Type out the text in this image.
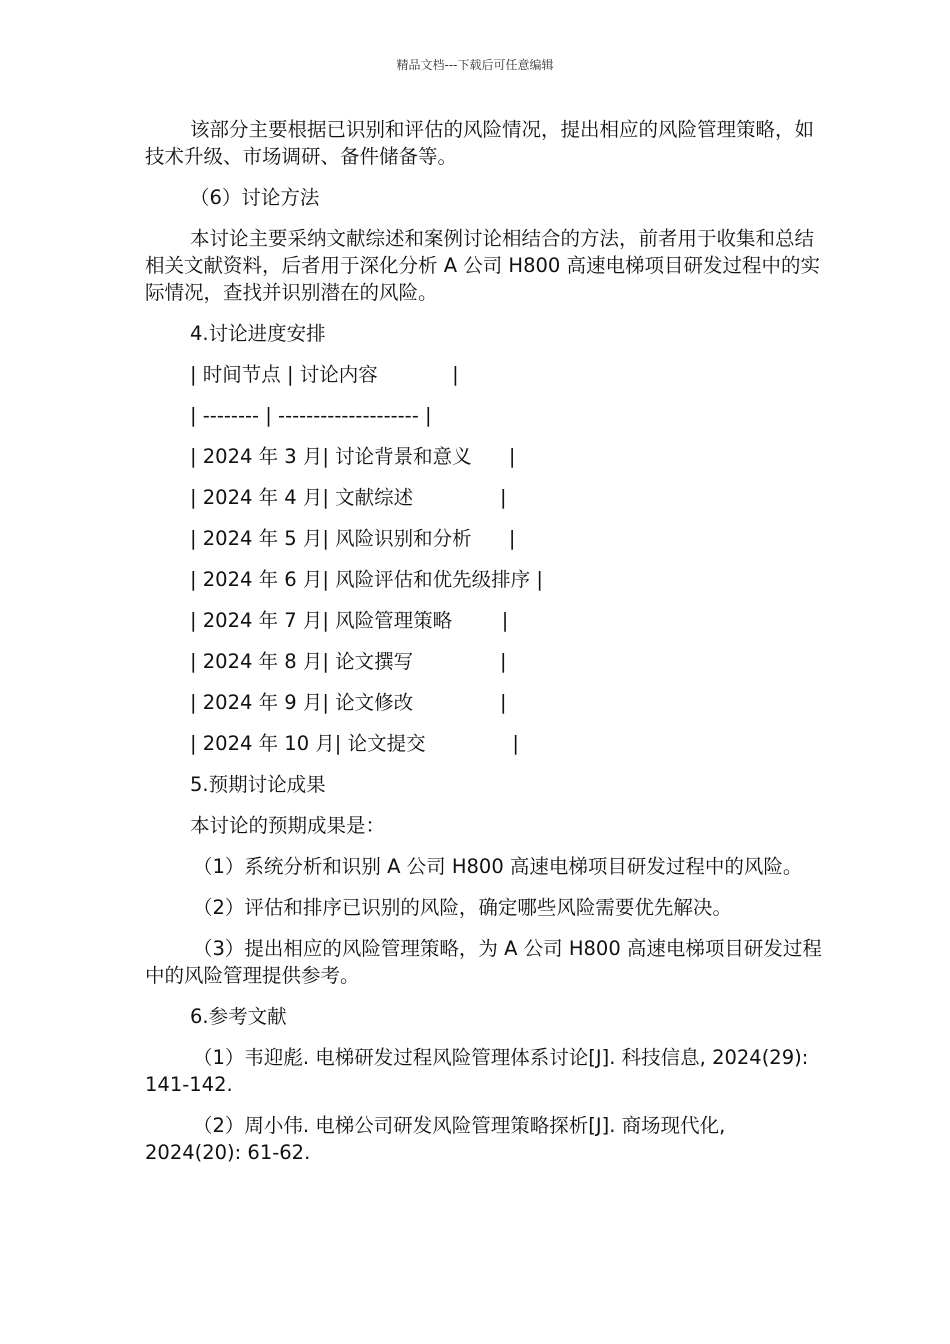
精品文档---下载后可任意编辑

该部分主要根据已识别和评估的风险情况，提出相应的风险管理策略，如技术升级、市场调研、备件储备等。

（6）讨论方法

本讨论主要采纳文献综述和案例讨论相结合的方法，前者用于收集和总结相关文献资料，后者用于深化分析 A 公司 H800 高速电梯项目研发过程中的实际情况，查找并识别潜在的风险。

4.讨论进度安排

| 时间节点 | 讨论内容            |
| -------- | -------------------- |
| 2024 年 3 月| 讨论背景和意义      |
| 2024 年 4 月| 文献综述              |
| 2024 年 5 月| 风险识别和分析      |
| 2024 年 6 月| 风险评估和优先级排序 |
| 2024 年 7 月| 风险管理策略        |
| 2024 年 8 月| 论文撰写              |
| 2024 年 9 月| 论文修改              |
| 2024 年 10 月| 论文提交              |

5.预期讨论成果

本讨论的预期成果是：

（1）系统分析和识别 A 公司 H800 高速电梯项目研发过程中的风险。

（2）评估和排序已识别的风险，确定哪些风险需要优先解决。

（3）提出相应的风险管理策略，为 A 公司 H800 高速电梯项目研发过程中的风险管理提供参考。

6.参考文献

（1）韦迎彪. 电梯研发过程风险管理体系讨论[J]. 科技信息, 2024(29): 141-142.

（2）周小伟. 电梯公司研发风险管理策略探析[J]. 商场现代化, 2024(20): 61-62.
